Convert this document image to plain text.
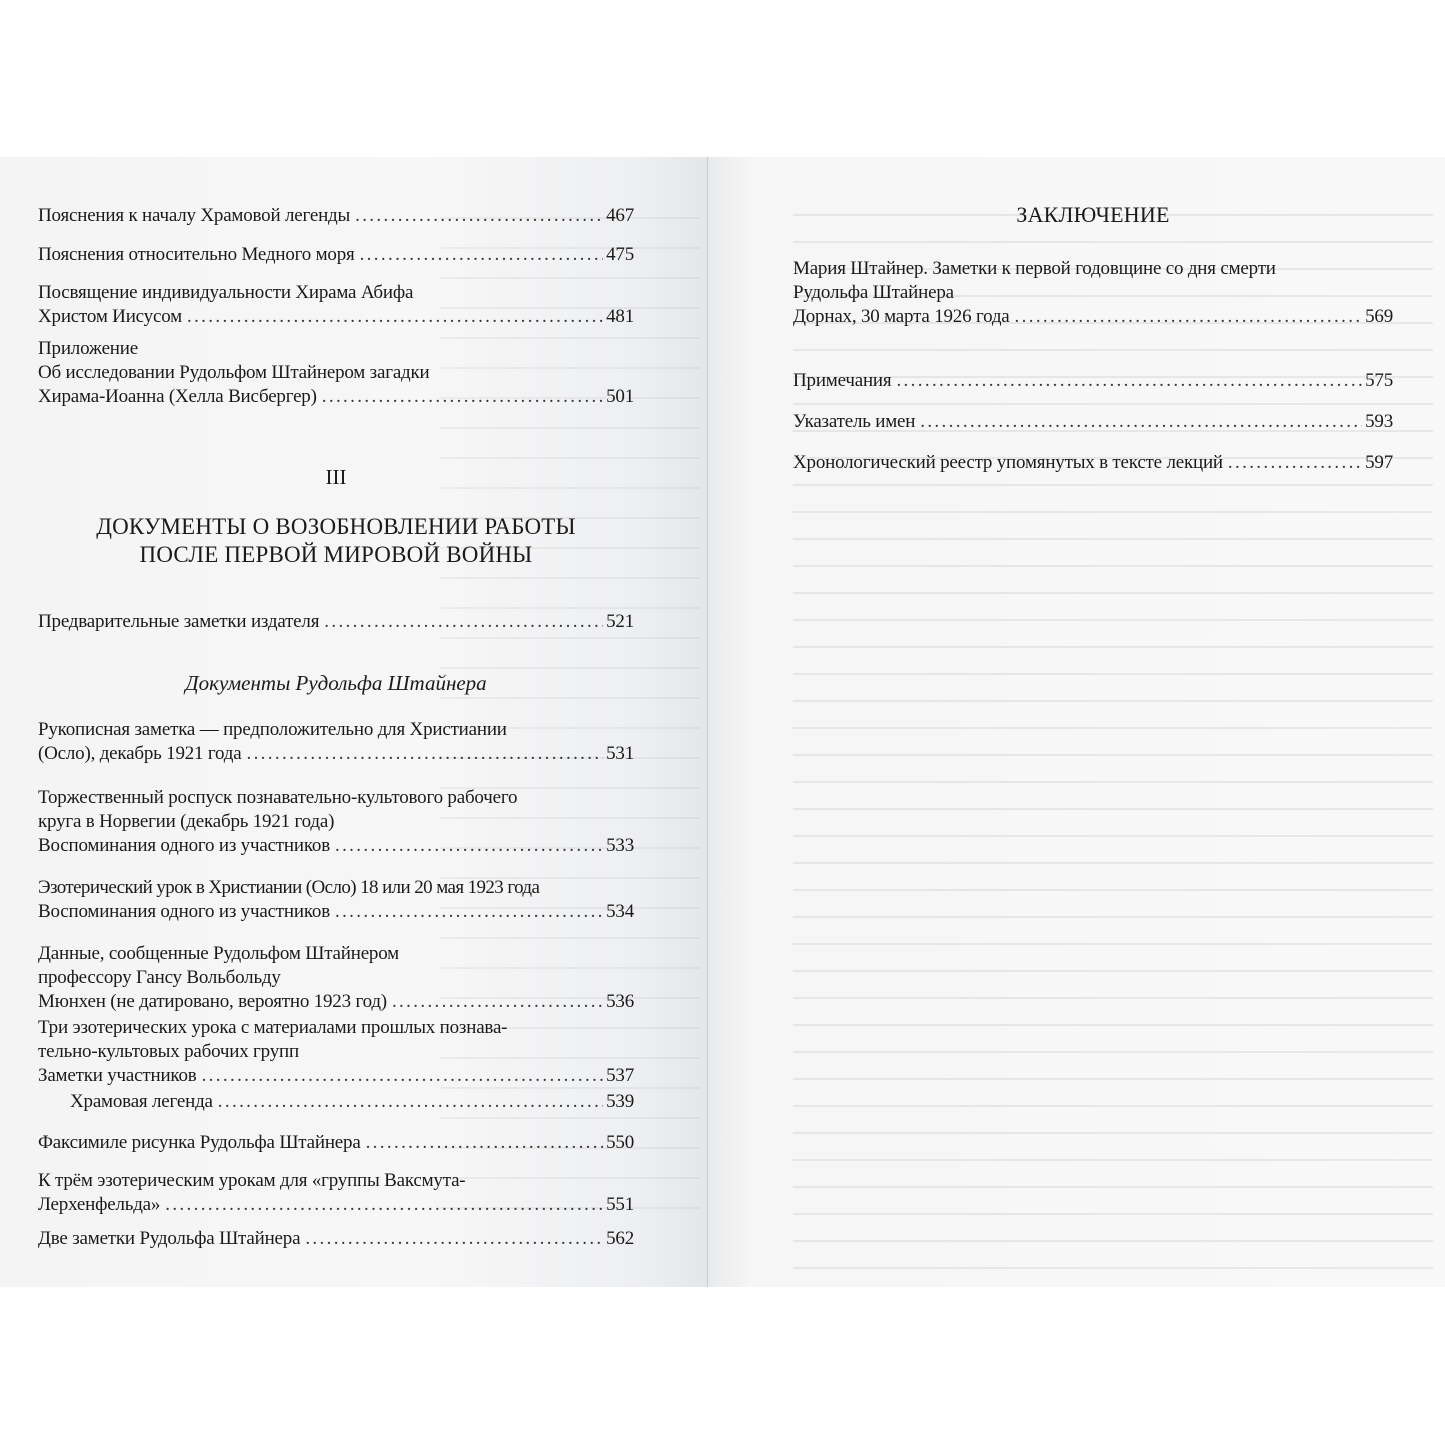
Пояснения к началу Храмовой легенды . . .	467
Пояснения относительно Медного моря . . .	475
Посвящение индивидуальности Хирама Абифа
Христом Иисусом . . .	481
Приложение
Об исследовании Рудольфом Штайнером загадки
Хирама-Иоанна (Хелла Висбергер) . . .	501
III
ДОКУМЕНТЫ О ВОЗОБНОВЛЕНИИ РАБОТЫ
ПОСЛЕ ПЕРВОЙ МИРОВОЙ ВОЙНЫ
Предварительные заметки издателя . . .	521
Документы Рудольфа Штайнера
Рукописная заметка — предположительно для Христиании
(Осло), декабрь 1921 года . . .	531
Торжественный роспуск познавательно-культового рабочего
круга в Норвегии (декабрь 1921 года)
Воспоминания одного из участников . . .	533
Эзотерический урок в Христиании (Осло) 18 или 20 мая 1923 года
Воспоминания одного из участников . . .	534
Данные, сообщенные Рудольфом Штайнером
профессору Гансу Вольбольду
Мюнхен (не датировано, вероятно 1923 год) . . .	536
Три эзотерических урока с материалами прошлых познава-
тельно-культовых рабочих групп
Заметки участников . . .	537
Храмовая легенда . . .	539
Факсимиле рисунка Рудольфа Штайнера . . .	550
К трём эзотерическим урокам для «группы Ваксмута-
Лерхенфельда» . . .	551
Две заметки Рудольфа Штайнера . . .	562
ЗАКЛЮЧЕНИЕ
Мария Штайнер. Заметки к первой годовщине со дня смерти
Рудольфа Штайнера
Дорнах, 30 марта 1926 года . . .	569
Примечания . . .	575
Указатель имен . . .	593
Хронологический реестр упомянутых в тексте лекций . . .	597
